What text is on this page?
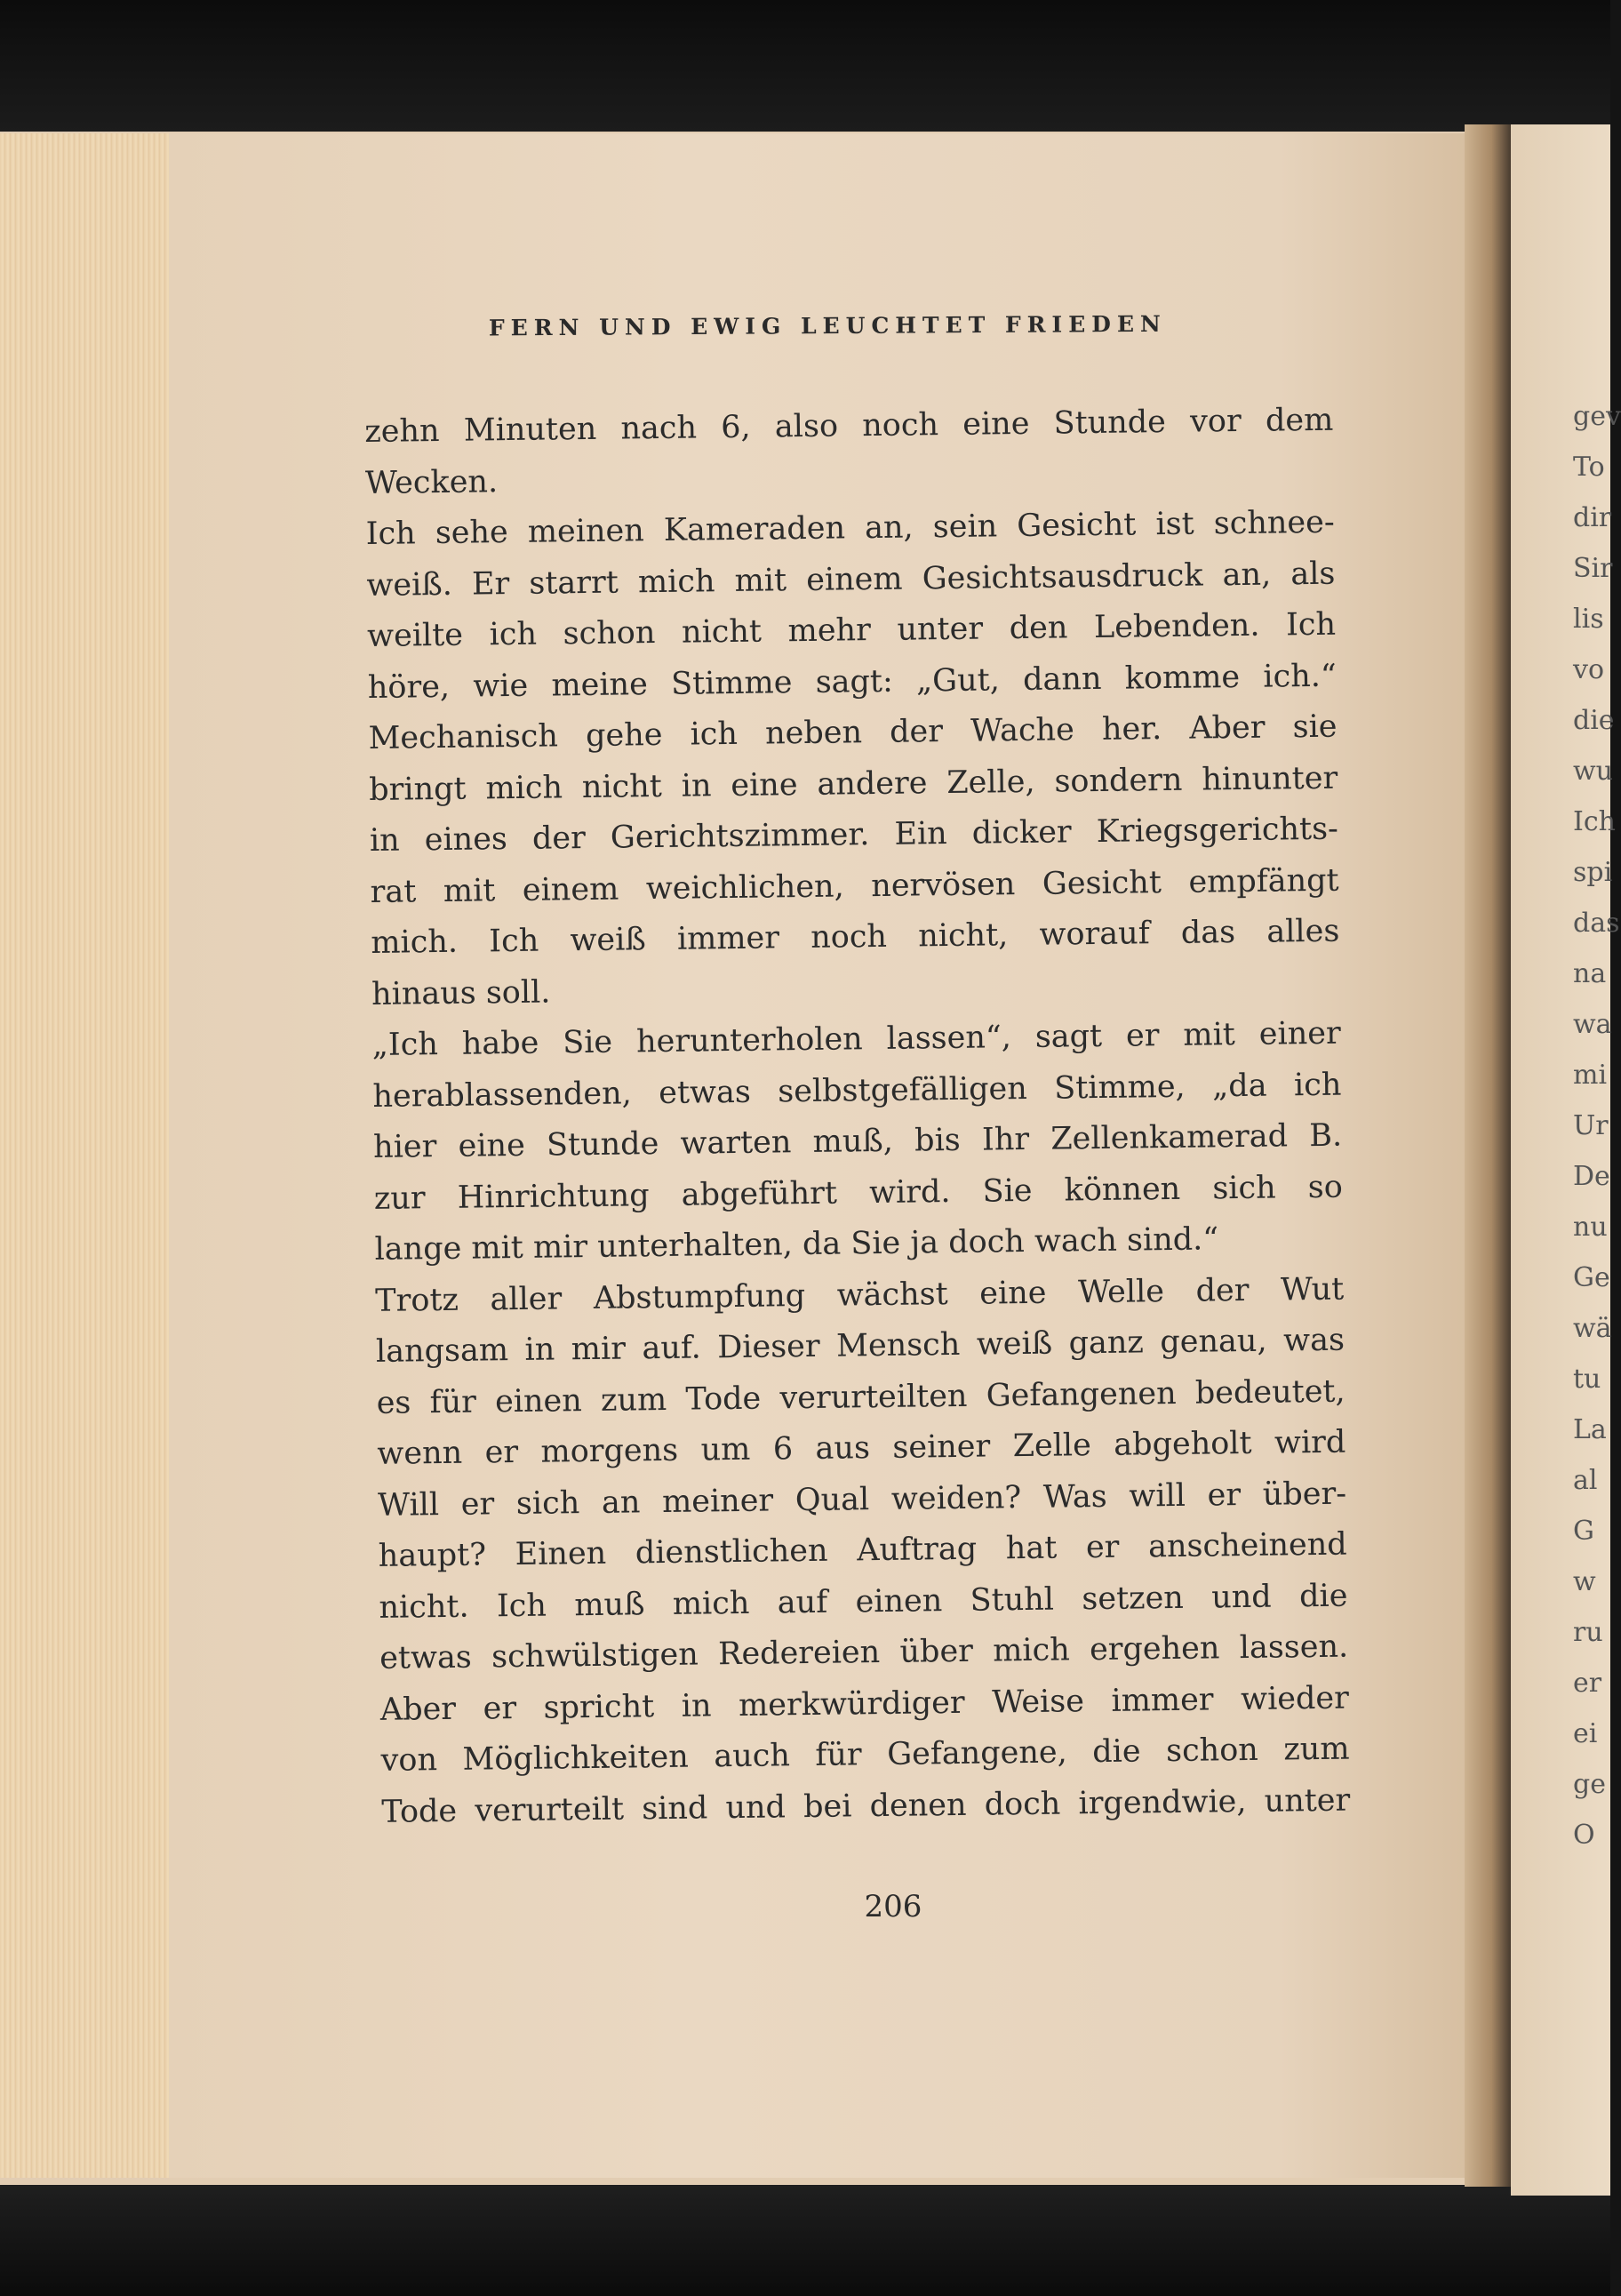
gev
To
dir
Sir
lis
vo
die
wu
Ich
spi
das
na
wa
mi
Ur
De
nu
Ge
wä
tu
La
al
G
w
ru
er
ei
ge
O
FERN UND EWIG LEUCHTET FRIEDEN
zehn Minuten nach 6, also noch eine Stunde vor dem
Wecken.
Ich sehe meinen Kameraden an, sein Gesicht ist schnee-
weiß. Er starrt mich mit einem Gesichtsausdruck an, als
weilte ich schon nicht mehr unter den Lebenden. Ich
höre, wie meine Stimme sagt: „Gut, dann komme ich.“
Mechanisch gehe ich neben der Wache her. Aber sie
bringt mich nicht in eine andere Zelle, sondern hinunter
in eines der Gerichtszimmer. Ein dicker Kriegsgerichts-
rat mit einem weichlichen, nervösen Gesicht empfängt
mich. Ich weiß immer noch nicht, worauf das alles
hinaus soll.
„Ich habe Sie herunterholen lassen“, sagt er mit einer
herablassenden, etwas selbstgefälligen Stimme, „da ich
hier eine Stunde warten muß, bis Ihr Zellenkamerad B.
zur Hinrichtung abgeführt wird. Sie können sich so
lange mit mir unterhalten, da Sie ja doch wach sind.“
Trotz aller Abstumpfung wächst eine Welle der Wut
langsam in mir auf. Dieser Mensch weiß ganz genau, was
es für einen zum Tode verurteilten Gefangenen bedeutet,
wenn er morgens um 6 aus seiner Zelle abgeholt wird
Will er sich an meiner Qual weiden? Was will er über-
haupt? Einen dienstlichen Auftrag hat er anscheinend
nicht. Ich muß mich auf einen Stuhl setzen und die
etwas schwülstigen Redereien über mich ergehen lassen.
Aber er spricht in merkwürdiger Weise immer wieder
von Möglichkeiten auch für Gefangene, die schon zum
Tode verurteilt sind und bei denen doch irgendwie, unter
206
